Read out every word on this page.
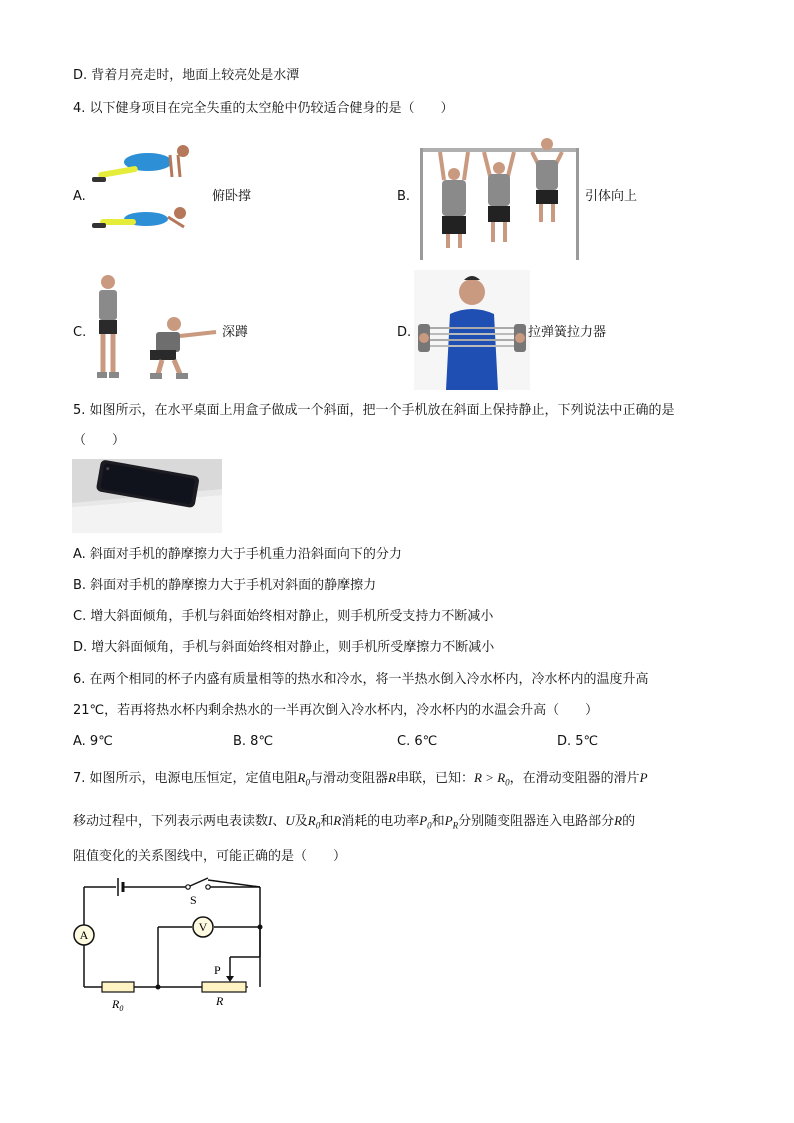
D. 背着月亮走时，地面上较亮处是水潭
4. 以下健身项目在完全失重的太空舱中仍较适合健身的是（　　）
A.	俯卧撑	B.	引体向上
C.	深蹲	D.	拉弹簧拉力器
5. 如图所示，在水平桌面上用盒子做成一个斜面，把一个手机放在斜面上保持静止，下列说法中正确的是
（　　）
A. 斜面对手机的静摩擦力大于手机重力沿斜面向下的分力
B. 斜面对手机的静摩擦力大于手机对斜面的静摩擦力
C. 增大斜面倾角，手机与斜面始终相对静止，则手机所受支持力不断减小
D. 增大斜面倾角，手机与斜面始终相对静止，则手机所受摩擦力不断减小
6. 在两个相同的杯子内盛有质量相等的热水和冷水，将一半热水倒入冷水杯内，冷水杯内的温度升高
21℃，若再将热水杯内剩余热水的一半再次倒入冷水杯内，冷水杯内的水温会升高（　　）
A. 9℃	B. 8℃	C. 6℃	D. 5℃
7. 如图所示，电源电压恒定，定值电阻$R_0$与滑动变阻器R串联，已知：$R > R_0$，在滑动变阻器的滑片P
移动过程中，下列表示两电表读数I、U及$R_0$和R消耗的电功率$P_0$和$P_R$分别随变阻器连入电路部分R的
阻值变化的关系图线中，可能正确的是（　　）
A
V
S
P
$R_0$
R
